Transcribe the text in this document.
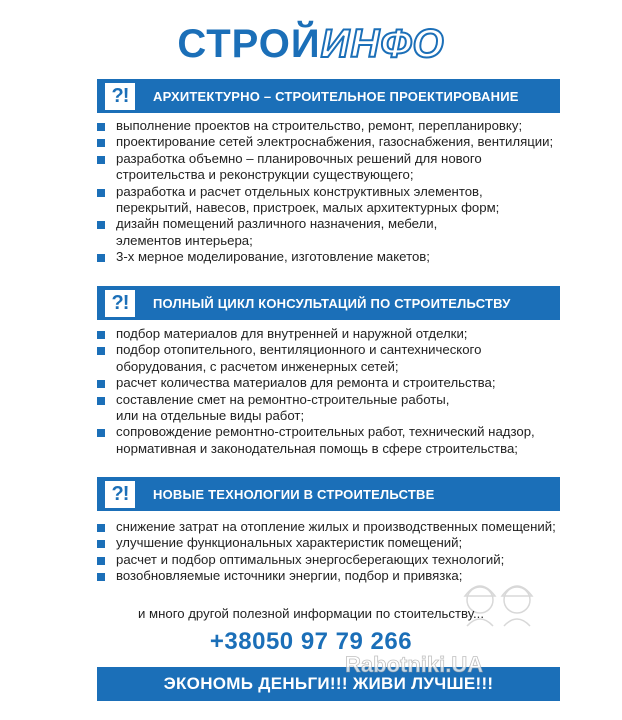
СТРОЙИНФО
?!	АРХИТЕКТУРНО – СТРОИТЕЛЬНОЕ ПРОЕКТИРОВАНИЕ
выполнение проектов на строительство, ремонт, перепланировку;
проектирование сетей электроснабжения, газоснабжения, вентиляции;
разработка объемно – планировочных решений для нового
строительства и реконструкции существующего;
разработка и расчет отдельных конструктивных элементов,
перекрытий, навесов, пристроек, малых архитектурных форм;
дизайн помещений различного назначения, мебели,
элементов интерьера;
3-х мерное моделирование, изготовление макетов;
?!	ПОЛНЫЙ ЦИКЛ КОНСУЛЬТАЦИЙ ПО СТРОИТЕЛЬСТВУ
подбор материалов для внутренней и наружной отделки;
подбор отопительного, вентиляционного и сантехнического
оборудования, с расчетом инженерных сетей;
расчет количества материалов для ремонта и строительства;
составление смет на ремонтно-строительные работы,
или на отдельные виды работ;
сопровождение ремонтно-строительных работ, технический надзор,
нормативная и законодательная помощь в сфере строительства;
?!	НОВЫЕ ТЕХНОЛОГИИ В СТРОИТЕЛЬСТВЕ
снижение затрат на отопление жилых и производственных помещений;
улучшение функциональных характеристик помещений;
расчет и подбор оптимальных энергосберегающих технологий;
возобновляемые источники энергии, подбор и привязка;
и много другой полезной информации по стоительству...
+38050 97 79 266
ЭКОНОМЬ ДЕНЬГИ!!! ЖИВИ ЛУЧШЕ!!!
Rabotniki.UA
